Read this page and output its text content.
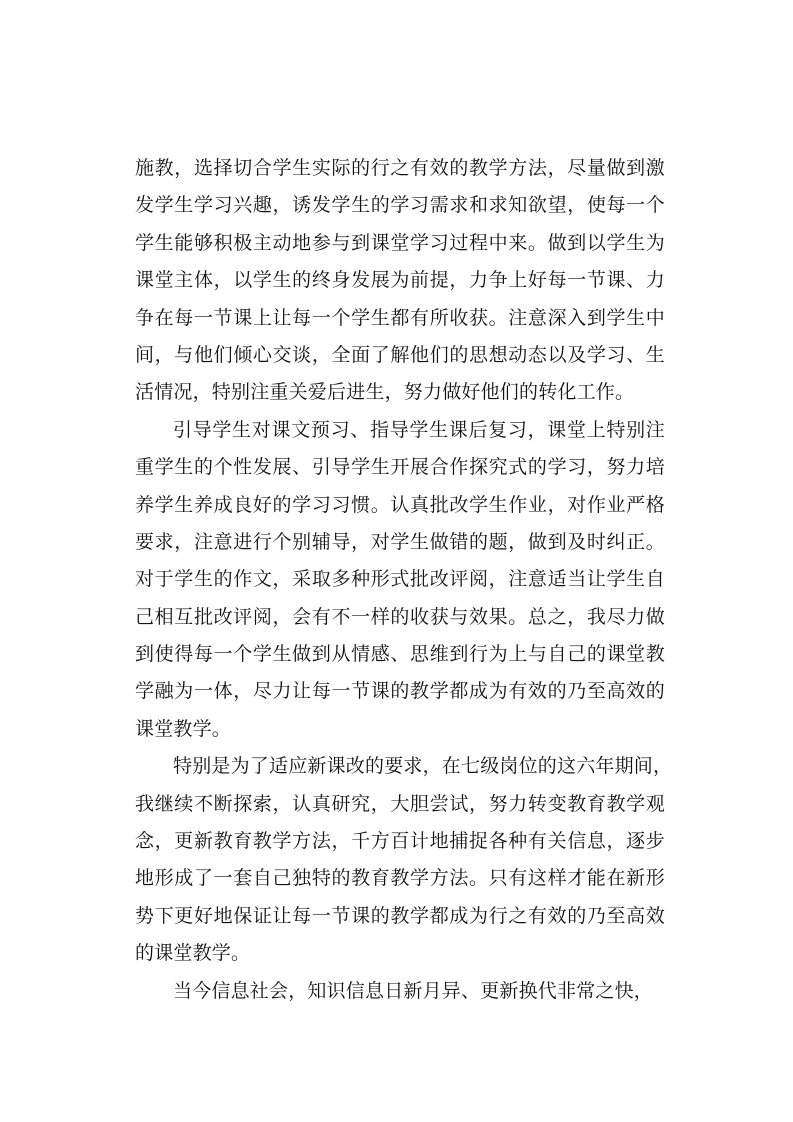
施教，选择切合学生实际的行之有效的教学方法，尽量做到激
发学生学习兴趣，诱发学生的学习需求和求知欲望，使每一个
学生能够积极主动地参与到课堂学习过程中来。做到以学生为
课堂主体，以学生的终身发展为前提，力争上好每一节课、力
争在每一节课上让每一个学生都有所收获。注意深入到学生中
间，与他们倾心交谈，全面了解他们的思想动态以及学习、生
活情况，特别注重关爱后进生，努力做好他们的转化工作。
引导学生对课文预习、指导学生课后复习，课堂上特别注
重学生的个性发展、引导学生开展合作探究式的学习，努力培
养学生养成良好的学习习惯。认真批改学生作业，对作业严格
要求，注意进行个别辅导，对学生做错的题，做到及时纠正。
对于学生的作文，采取多种形式批改评阅，注意适当让学生自
己相互批改评阅，会有不一样的收获与效果。总之，我尽力做
到使得每一个学生做到从情感、思维到行为上与自己的课堂教
学融为一体，尽力让每一节课的教学都成为有效的乃至高效的
课堂教学。
特别是为了适应新课改的要求，在七级岗位的这六年期间，
我继续不断探索，认真研究，大胆尝试，努力转变教育教学观
念，更新教育教学方法，千方百计地捕捉各种有关信息，逐步
地形成了一套自己独特的教育教学方法。只有这样才能在新形
势下更好地保证让每一节课的教学都成为行之有效的乃至高效
的课堂教学。
当今信息社会，知识信息日新月异、更新换代非常之快，
